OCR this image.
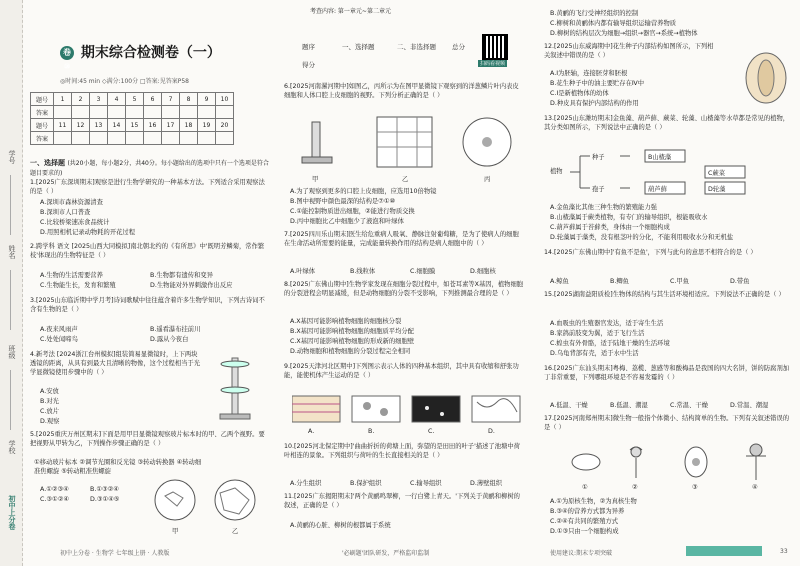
学号
姓名
班级
学校
初中上分卷
卷⑩ 期末综合检测卷（一）
◎时间:45 min ◇满分:100分 □答案:见答案P58
题号	1	2	3	4	5	6	7	8	9	10
答案										
题号	11	12	13	14	15	16	17	18	19	20
答案										
一、选择题 (共20小题，每小题2分，共40分。每小题给出的选项中只有一个选项是符合题目要求的)
1.[2025广东深圳期末]观察是进行生物学研究的一种基本方法。下列适合采用观察法的是（ ）
A.深圳市森林资源清查
B.深圳市人口普查
C.比较桥梁速冻食品统计
D.用照相机记录动物耗的开花过程
2.跨学科 语文 [2025山西大同模拟]南北朝北约的《有所思》中'既明芳鳞菊，常作繁枝'体现出的生物特征是（ ）
A.生物的生活需要营养	B.生物都有遗传和变异
C.生物能生长，发育和繁殖	D.生物能对外界刺激作出反应
3.[2025山东临沂期中学月考]诗词歌赋中往往蕴含着许多生物学知识，下列古诗词不含有生物的是（ ）
A.夜来风雨声	B.遥看瀑布挂前川
C.处处闻啼鸟	D.露从今夜白
4.新考法 [2024浙江台州模拟]组装简易显微镜时，上下两块透镜的距离，从具有到最大且清晰的物像，这个过程相当于光学显微镜使用步骤中的（ ）
A.安放
B.对光
C.放片
D.观察
5.[2025重庆万州区期末]下面是用甲目显微镜观察玻片标本时的甲、乙两个视野。要把视野从甲转为乙，下列操作步骤正确的是（ ）
①移动玻片标本 ②调节光圈和反光镜 ③转动转换器 ④转动细准焦螺旋 ⑤转动粗准焦螺旋
A.①②③④	B.①③②④
C.③①②④	D.③①④⑤
甲	乙
初中上分卷 · 生物学 七年级上册 · 人教版
考查内容: 第一章元~第二章元
题序	一、选择题	二、非选择题 总分
得分	扫码看视频
6.[2025河南漯河期中]如图乙，丙所示为在图甲显微镜下观察到的洋葱鳞片叶内表皮细胞和人体口腔上皮细胞的视野。下列分析正确的是（ ）
甲	乙	丙
A.为了观察到更多的口腔上皮细胞，应选用10倍物镜
B.图中视野中颜色最深的结构是⑦①⑩
C.①能控制物质进出细胞，②能进行物质交换
D.丙中细胞比乙中细胞少了液泡和叶绿体
7.[2025四川乐山期末]医生给危重病人吸氧、静脉注射葡萄糖，是为了使病人的细胞在生命活动所需要的能量，完成能量转换作用的结构是病人细胞中的（ ）
A.叶绿体	B.线粒体	C.细胞膜	D.细胞核
8.[2025广东佛山期中]生物学家发现在细胞分裂过程中，如苍耳素等X基因，植物细胞的分裂进程会明显减缓，但是动物细胞的分裂不受影响，下列推测最合理的是（ ）
A.X基因可能影响植物细胞的细胞核分裂
B.X基因可能影响植物细胞的细胞质平均分配
C.X基因可能影响植物细胞的形成新的细胞壁
D.动物细胞和植物细胞的分裂过程完全相同
9.[2025天津河北区期中]下列图示表示人体的四种基本组织，其中具有收缩和舒张功能，能使机体产生运动的是（ ）
A.	B.	C.	D.
10.[2025河北保定期中]'曲曲折折的荷塘上面，弥望的是田田的叶子'描述了池塘中荷叶相连的景象。下列组织与荷叶的生长直接相关的是（ ）
A.分生组织	B.保护组织	C.输导组织	D.薄壁组织
11.[2025广东揭阳期末]'两个黄鹂鸣翠柳，一行白鹭上青天。'下列关于黄鹂和柳树的叙述，正确的是（ ）
A.黄鹂的心脏、柳树的根都属于系统
'必刷题'团队研发，严格监印监制
B.黄鹂的飞行受神经组织的控制
C.柳树和黄鹂体内都有输导组织运输营养物质
D.柳树的结构层次为细胞→组织→器官→系统→植物体
12.[2025山东威海期中]花生种子内部结构如图所示，下列相关叙述中错误的是（ ）
A.I为胚轴，连接胚芽和胚根
B.花生种子中的油主要贮存在Ⅳ中
C.I是新植物体的幼体
D.种皮具有保护内部结构的作用
13.[2025山东潍坊期末]金鱼藻、葫芦藓、蕨菜、轮藻、山楂藻等水草都是常见的植物，其分类如图所示，下列说法中正确的是（ ）
植物
种子
孢子
B山楂藻
葫芦藓
C蕨菜
D轮藻
A.金鱼藻比其他三种生物的繁殖能力强
B.山楂藻属于蕨类植物，有专门的输导组织，根能吸收水
C.葫芦藓属于苔藓类，身体由一个细胞构成
D.轮藻属于藻类，没有根茎叶的分化，不能利用吸收水分和无机盐
14.[2025广东佛山期中]'有鱼不是鱼'，下列与此句的意思不相符合的是（ ）
A.鲸鱼	B.鲫鱼	C.甲鱼	D.带鱼
15.[2025湖南益阳质检]生物体的结构与其生活环境相适应。下列说法不正确的是（ ）
A.血吸虫的生殖器官发达，适于寄生生活
B.家鸽前肢变为翼，适于飞行生活
C.蝗虫有外骨骼，适于陆地干燥的生活环境
D.乌龟背部有壳，适于水中生活
16.[2025广东汕头期末]粤梅、荔榄、葱感等和酸梅品是我国的四大名饼，饼的防腐剂加丁非常重要，下列哪组环境是不容易发霉的（ ）
A.低温、干燥	B.低温、潮湿	C.常温、干燥	D.常温、潮湿
17.[2025河南郑州期末]微生物一般指个体微小、结构简单的生物。下列有关叙述错误的是（ ）
①	②	③	④
A.①为原核生物，②为真核生物
B.③④的营养方式都为异养
C.②④有共同的繁殖方式
D.①③只由一个细胞构成
使用建议:期末专项突破	33
